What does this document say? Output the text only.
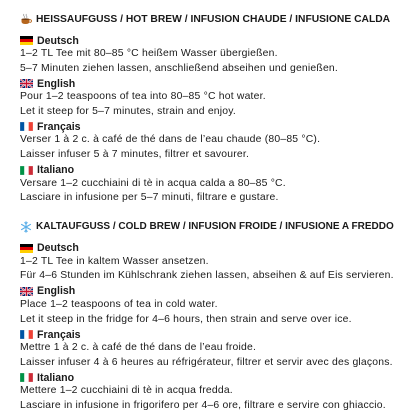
HEISSAUFGUSS / HOT BREW / INFUSION CHAUDE / INFUSIONE CALDA
Deutsch
1–2 TL Tee mit 80–85 °C heißem Wasser übergießen.
5–7 Minuten ziehen lassen, anschließend abseihen und genießen.
English
Pour 1–2 teaspoons of tea into 80–85 °C hot water.
Let it steep for 5–7 minutes, strain and enjoy.
Français
Verser 1 à 2 c. à café de thé dans de l’eau chaude (80–85 °C).
Laisser infuser 5 à 7 minutes, filtrer et savourer.
Italiano
Versare 1–2 cucchiaini di tè in acqua calda a 80–85 °C.
Lasciare in infusione per 5–7 minuti, filtrare e gustare.
KALTAUFGUSS / COLD BREW / INFUSION FROIDE / INFUSIONE A FREDDO
Deutsch
1–2 TL Tee in kaltem Wasser ansetzen.
Für 4–6 Stunden im Kühlschrank ziehen lassen, abseihen & auf Eis servieren.
English
Place 1–2 teaspoons of tea in cold water.
Let it steep in the fridge for 4–6 hours, then strain and serve over ice.
Français
Mettre 1 à 2 c. à café de thé dans de l’eau froide.
Laisser infuser 4 à 6 heures au réfrigérateur, filtrer et servir avec des glaçons.
Italiano
Mettere 1–2 cucchiaini di tè in acqua fredda.
Lasciare in infusione in frigorifero per 4–6 ore, filtrare e servire con ghiaccio.
